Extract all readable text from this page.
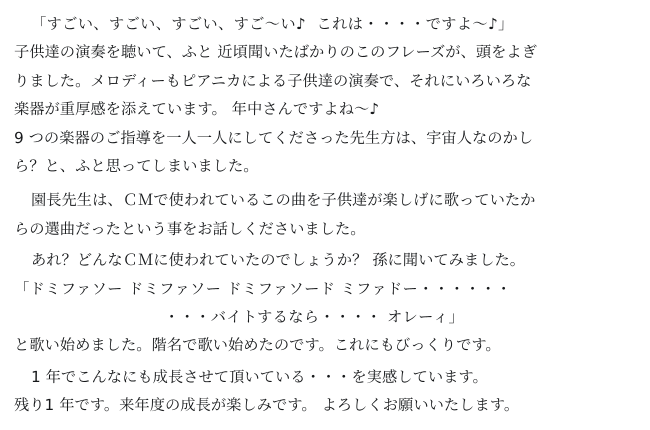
「すごい、すごい、すごい、すご～い♪  これは・・・・ですよ～♪」
子供達の演奏を聴いて、ふと 近頃聞いたばかりのこのフレーズが、頭をよぎ
りました。メロディーもピアニカによる子供達の演奏で、それにいろいろな
楽器が重厚感を添えています。 年中さんですよね～♪
9 つの楽器のご指導を一人一人にしてくださった先生方は、宇宙人なのかし
ら？と、ふと思ってしまいました。
園長先生は、ＣＭで使われているこの曲を子供達が楽しげに歌っていたか
らの選曲だったという事をお話しくださいました。
あれ？どんなＣＭに使われていたのでしょうか？ 孫に聞いてみました。
「ドミファソー ドミファソー ドミファソード ミファドー・・・・・・
・・・バイトするなら・・・・ オレーィ」
と歌い始めました。階名で歌い始めたのです。これにもびっくりです。
1 年でこんなにも成長させて頂いている・・・を実感しています。
残り1 年です。来年度の成長が楽しみです。 よろしくお願いいたします。
